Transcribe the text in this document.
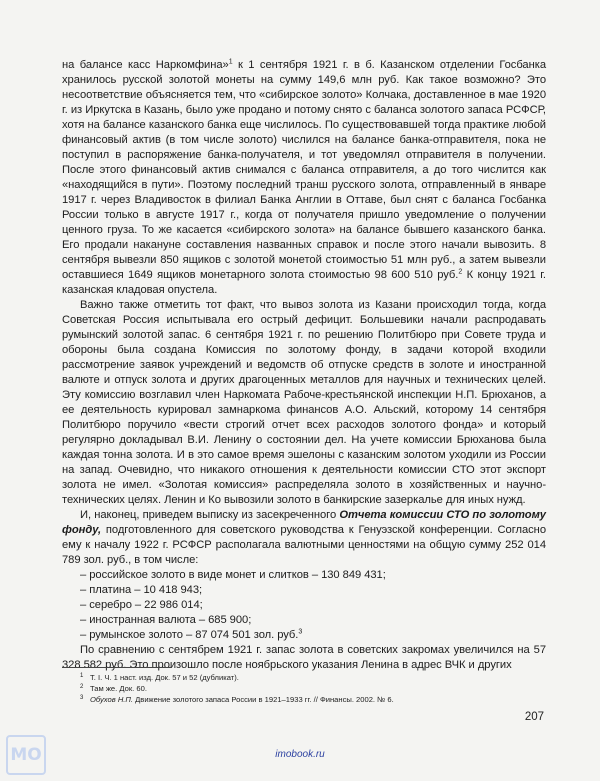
на балансе касс Наркомфина»$^1$ к 1 сентября 1921 г. в б. Казанском отделении Госбанка хранилось русской золотой монеты на сумму 149,6 млн руб. Как такое возможно? Это несоответствие объясняется тем, что «сибирское золото» Колчака, доставленное в мае 1920 г. из Иркутска в Казань, было уже продано и потому снято с баланса золотого запаса РСФСР, хотя на балансе казанского банка еще числилось. По существовавшей тогда практике любой финансовый актив (в том числе золото) числился на балансе банка-отправителя, пока не поступил в распоряжение банка-получателя, и тот уведомлял отправителя в получении. После этого финансовый актив снимался с баланса отправителя, а до того числится как «находящийся в пути». Поэтому последний транш русского золота, отправленный в январе 1917 г. через Владивосток в филиал Банка Англии в Оттаве, был снят с баланса Госбанка России только в августе 1917 г., когда от получателя пришло уведомление о получении ценного груза. То же касается «сибирского золота» на балансе бывшего казанского банка. Его продали накануне составления названных справок и после этого начали вывозить. 8 сентября вывезли 850 ящиков с золотой монетой стоимостью 51 млн руб., а затем вывезли оставшиеся 1649 ящиков монетарного золота стоимостью 98 600 510 руб.$^2$ К концу 1921 г. казанская кладовая опустела.

Важно также отметить тот факт, что вывоз золота из Казани происходил тогда, когда Советская Россия испытывала его острый дефицит. Большевики начали распродавать румынский золотой запас. 6 сентября 1921 г. по решению Политбюро при Совете труда и обороны была создана Комиссия по золотому фонду, в задачи которой входили рассмотрение заявок учреждений и ведомств об отпуске средств в золоте и иностранной валюте и отпуск золота и других драгоценных металлов для научных и технических целей. Эту комиссию возглавил член Наркомата Рабоче-крестьянской инспекции Н.П. Брюханов, а ее деятельность курировал замнаркома финансов А.О. Альский, которому 14 сентября Политбюро поручило «вести строгий отчет всех расходов золотого фонда» и который регулярно докладывал В.И. Ленину о состоянии дел. На учете комиссии Брюханова была каждая тонна золота. И в это самое время эшелоны с казанским золотом уходили из России на запад. Очевидно, что никакого отношения к деятельности комиссии СТО этот экспорт золота не имел. «Золотая комиссия» распределяла золото в хозяйственных и научно-технических целях. Ленин и Ко вывозили золото в банкирские зазеркалье для иных нужд.

И, наконец, приведем выписку из засекреченного Отчета комиссии СТО по золотому фонду, подготовленного для советского руководства к Генуэзской конференции. Согласно ему к началу 1922 г. РСФСР располагала валютными ценностями на общую сумму 252 014 789 зол. руб., в том числе:

– российское золото в виде монет и слитков – 130 849 431;

– платина – 10 418 943;

– серебро – 22 986 014;

– иностранная валюта – 685 900;

– румынское золото – 87 074 501 зол. руб.$^3$

По сравнению с сентябрем 1921 г. запас золота в советских закромах увеличился на 57 328 582 руб. Это произошло после ноябрьского указания Ленина в адрес ВЧК и других

1 Т. I. Ч. 1 наст. изд. Док. 57 и 52 (дубликат).
2 Там же. Док. 60.
3 Обухов Н.П. Движение золотого запаса России в 1921–1933 гг. // Финансы. 2002. № 6.
207
MO	imobook.ru
